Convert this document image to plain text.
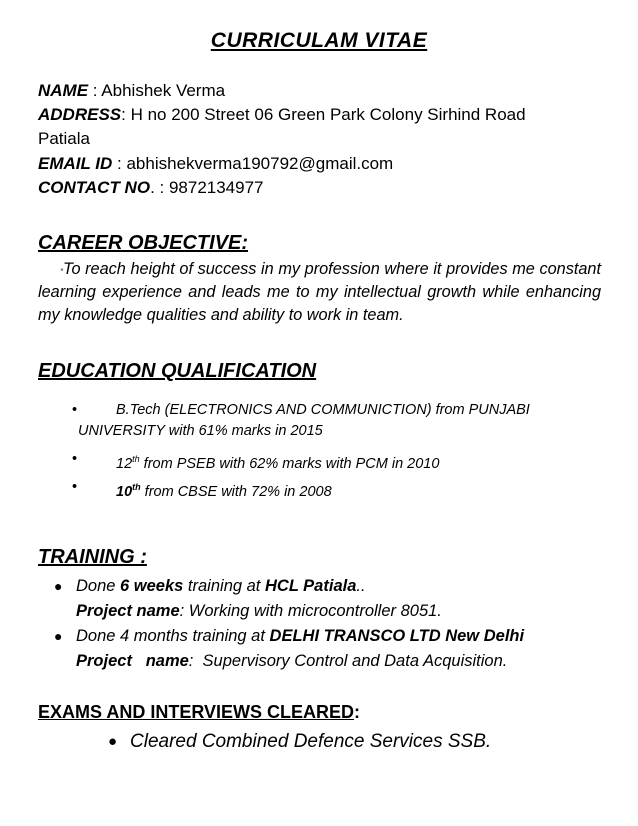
CURRICULAM VITAE
NAME : Abhishek Verma
ADDRESS: H no 200 Street 06 Green Park Colony Sirhind Road
Patiala
EMAIL ID : abhishekverma190792@gmail.com
CONTACT NO. : 9872134977
CAREER OBJECTIVE:
“To reach height of success in my profession where it provides me constant learning experience and leads me to my intellectual growth while enhancing my knowledge qualities and ability to work in team.
EDUCATION QUALIFICATION
•	B.Tech (ELECTRONICS AND COMMUNICTION) from PUNJABI
UNIVERSITY with 61% marks in 2015
•	12th from PSEB with 62% marks with PCM in 2010
•	10th from CBSE with 72% in 2008
TRAINING :
● Done 6 weeks training at HCL Patiala..
Project name: Working with microcontroller 8051.
● Done 4 months training at DELHI TRANSCO LTD New Delhi
Project   name:  Supervisory Control and Data Acquisition.
EXAMS AND INTERVIEWS CLEARED:
● Cleared Combined Defence Services SSB.
